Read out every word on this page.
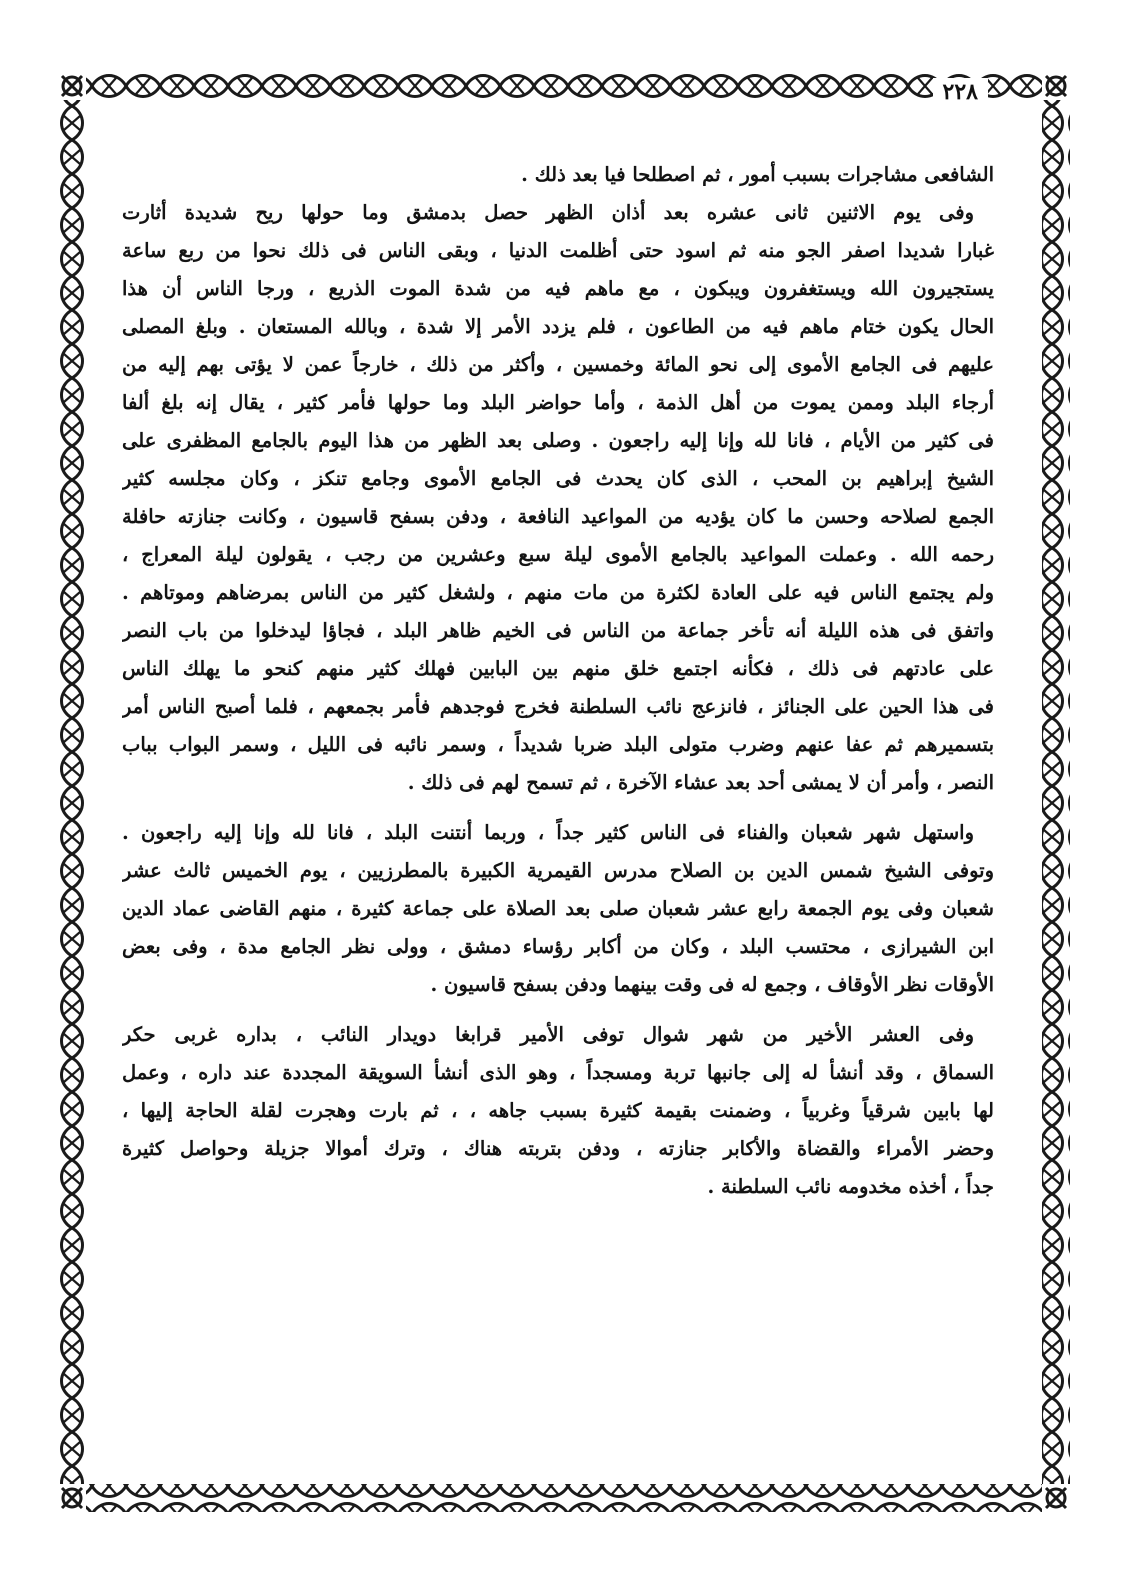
٢٢٨
الشافعى مشاجرات بسبب أمور ، ثم اصطلحا فيا بعد ذلك .
وفى يوم الاثنين ثانى عشره بعد أذان الظهر حصل بدمشق وما حولها ريح شديدة أثارت
غبارا شديدا اصفر الجو منه ثم اسود حتى أظلمت الدنيا ، وبقى الناس فى ذلك نحوا من ربع ساعة
يستجيرون الله ويستغفرون ويبكون ، مع ماهم فيه من شدة الموت الذريع ، ورجا الناس أن هذا
الحال يكون ختام ماهم فيه من الطاعون ، فلم يزدد الأمر إلا شدة ، وبالله المستعان . وبلغ المصلى
عليهم فى الجامع الأموى إلى نحو المائة وخمسين ، وأكثر من ذلك ، خارجاً عمن لا يؤتى بهم إليه من
أرجاء البلد وممن يموت من أهل الذمة ، وأما حواضر البلد وما حولها فأمر كثير ، يقال إنه بلغ ألفا
فى كثير من الأيام ، فانا لله وإنا إليه راجعون . وصلى بعد الظهر من هذا اليوم بالجامع المظفرى على
الشيخ إبراهيم بن المحب ، الذى كان يحدث فى الجامع الأموى وجامع تنكز ، وكان مجلسه كثير
الجمع لصلاحه وحسن ما كان يؤديه من المواعيد النافعة ، ودفن بسفح قاسيون ، وكانت جنازته حافلة
رحمه الله . وعملت المواعيد بالجامع الأموى ليلة سبع وعشرين من رجب ، يقولون ليلة المعراج ،
ولم يجتمع الناس فيه على العادة لكثرة من مات منهم ، ولشغل كثير من الناس بمرضاهم وموتاهم .
واتفق فى هذه الليلة أنه تأخر جماعة من الناس فى الخيم ظاهر البلد ، فجاؤا ليدخلوا من باب النصر
على عادتهم فى ذلك ، فكأنه اجتمع خلق منهم بين البابين فهلك كثير منهم كنحو ما يهلك الناس
فى هذا الحين على الجنائز ، فانزعج نائب السلطنة فخرج فوجدهم فأمر بجمعهم ، فلما أصبح الناس أمر
بتسميرهم ثم عفا عنهم وضرب متولى البلد ضربا شديداً ، وسمر نائبه فى الليل ، وسمر البواب بباب
النصر ، وأمر أن لا يمشى أحد بعد عشاء الآخرة ، ثم تسمح لهم فى ذلك .
واستهل شهر شعبان والفناء فى الناس كثير جداً ، وربما أنتنت البلد ، فانا لله وإنا إليه راجعون .
وتوفى الشيخ شمس الدين بن الصلاح مدرس القيمرية الكبيرة بالمطرزيين ، يوم الخميس ثالث عشر
شعبان وفى يوم الجمعة رابع عشر شعبان صلى بعد الصلاة على جماعة كثيرة ، منهم القاضى عماد الدين
ابن الشيرازى ، محتسب البلد ، وكان من أكابر رؤساء دمشق ، وولى نظر الجامع مدة ، وفى بعض
الأوقات نظر الأوقاف ، وجمع له فى وقت بينهما ودفن بسفح قاسيون .
وفى العشر الأخير من شهر شوال توفى الأمير قرابغا دويدار النائب ، بداره غربى حكر
السماق ، وقد أنشأ له إلى جانبها تربة ومسجداً ، وهو الذى أنشأ السويقة المجددة عند داره ، وعمل
لها بابين شرقياً وغربياً ، وضمنت بقيمة كثيرة بسبب جاهه ، ، ثم بارت وهجرت لقلة الحاجة إليها ،
وحضر الأمراء والقضاة والأكابر جنازته ، ودفن بتربته هناك ، وترك أموالا جزيلة وحواصل كثيرة
جداً ، أخذه مخدومه نائب السلطنة .
